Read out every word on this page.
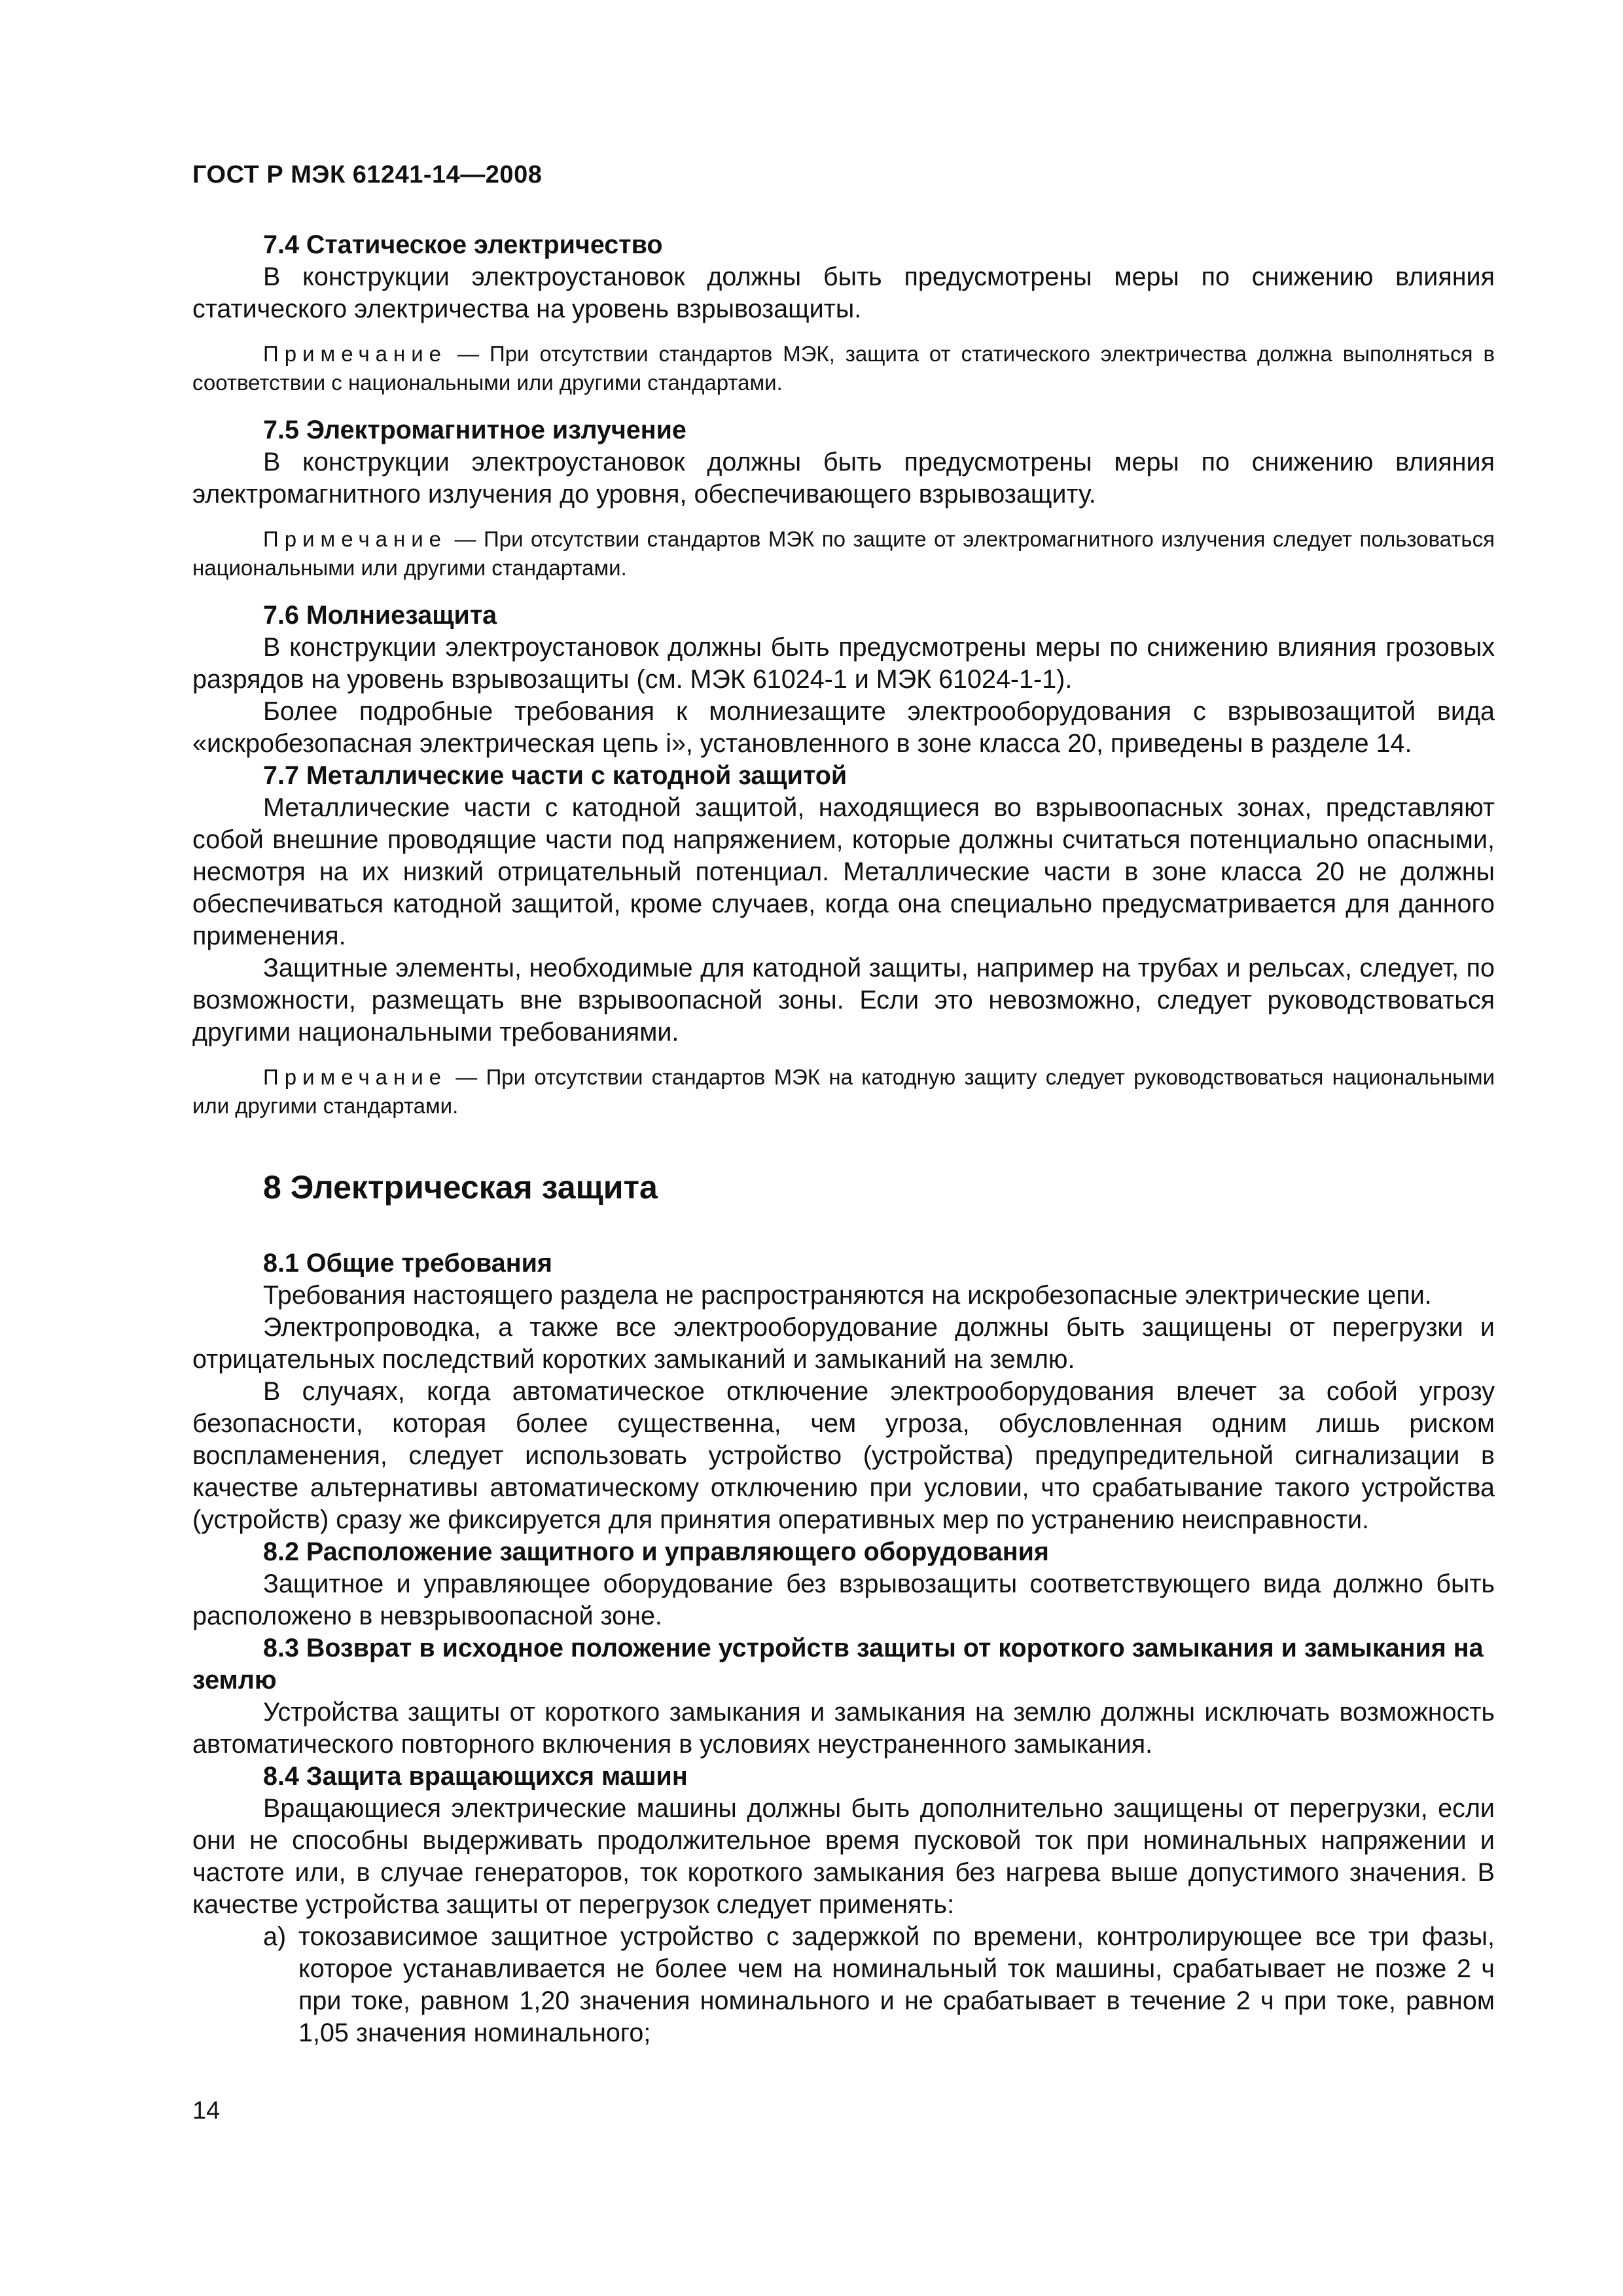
ГОСТ Р МЭК 61241-14—2008
7.4 Статическое электричество

В конструкции электроустановок должны быть предусмотрены меры по снижению влияния статического электричества на уровень взрывозащиты.

Примечание — При отсутствии стандартов МЭК, защита от статического электричества должна выполняться в соответствии с национальными или другими стандартами.
7.5 Электромагнитное излучение

В конструкции электроустановок должны быть предусмотрены меры по снижению влияния электромагнитного излучения до уровня, обеспечивающего взрывозащиту.

Примечание — При отсутствии стандартов МЭК по защите от электромагнитного излучения следует пользоваться национальными или другими стандартами.
7.6 Молниезащита

В конструкции электроустановок должны быть предусмотрены меры по снижению влияния грозовых разрядов на уровень взрывозащиты (см. МЭК 61024-1 и МЭК 61024-1-1).

Более подробные требования к молниезащите электрооборудования с взрывозащитой вида «искробезопасная электрическая цепь i», установленного в зоне класса 20, приведены в разделе 14.

7.7 Металлические части с катодной защитой

Металлические части с катодной защитой, находящиеся во взрывоопасных зонах, представляют собой внешние проводящие части под напряжением, которые должны считаться потенциально опасными, несмотря на их низкий отрицательный потенциал. Металлические части в зоне класса 20 не должны обеспечиваться катодной защитой, кроме случаев, когда она специально предусматривается для данного применения.

Защитные элементы, необходимые для катодной защиты, например на трубах и рельсах, следует, по возможности, размещать вне взрывоопасной зоны. Если это невозможно, следует руководствоваться другими национальными требованиями.

Примечание — При отсутствии стандартов МЭК на катодную защиту следует руководствоваться национальными или другими стандартами.
8 Электрическая защита
8.1 Общие требования

Требования настоящего раздела не распространяются на искробезопасные электрические цепи.

Электропроводка, а также все электрооборудование должны быть защищены от перегрузки и отрицательных последствий коротких замыканий и замыканий на землю.

В случаях, когда автоматическое отключение электрооборудования влечет за собой угрозу безопасности, которая более существенна, чем угроза, обусловленная одним лишь риском воспламенения, следует использовать устройство (устройства) предупредительной сигнализации в качестве альтернативы автоматическому отключению при условии, что срабатывание такого устройства (устройств) сразу же фиксируется для принятия оперативных мер по устранению неисправности.

8.2 Расположение защитного и управляющего оборудования

Защитное и управляющее оборудование без взрывозащиты соответствующего вида должно быть расположено в невзрывоопасной зоне.

8.3 Возврат в исходное положение устройств защиты от короткого замыкания и замыкания на землю

Устройства защиты от короткого замыкания и замыкания на землю должны исключать возможность автоматического повторного включения в условиях неустраненного замыкания.

8.4 Защита вращающихся машин

Вращающиеся электрические машины должны быть дополнительно защищены от перегрузки, если они не способны выдерживать продолжительное время пусковой ток при номинальных напряжении и частоте или, в случае генераторов, ток короткого замыкания без нагрева выше допустимого значения. В качестве устройства защиты от перегрузок следует применять:

а) токозависимое защитное устройство с задержкой по времени, контролирующее все три фазы, которое устанавливается не более чем на номинальный ток машины, срабатывает не позже 2 ч при токе, равном 1,20 значения номинального и не срабатывает в течение 2 ч при токе, равном 1,05 значения номинального;
14
